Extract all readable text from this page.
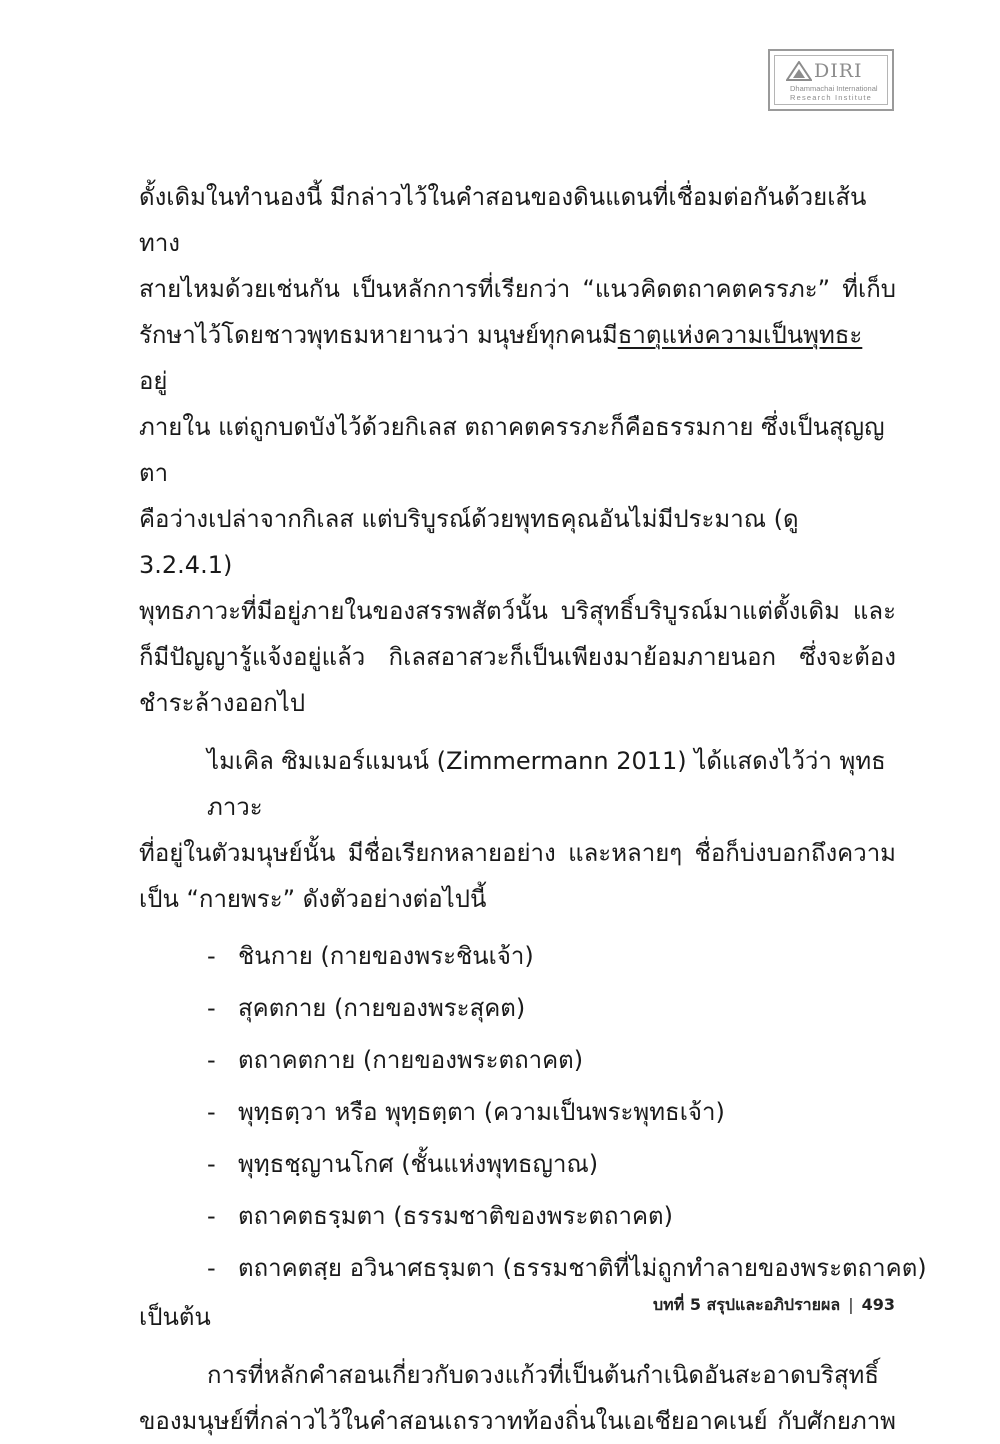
DIRI
Dhammachai International
Research Institute

ดั้งเดิมในทำนองนี้ มีกล่าวไว้ในคำสอนของดินแดนที่เชื่อมต่อกันด้วยเส้นทาง
สายไหมด้วยเช่นกัน เป็นหลักการที่เรียกว่า “แนวคิดตถาคตครรภะ” ที่เก็บ
รักษาไว้โดยชาวพุทธมหายานว่า มนุษย์ทุกคนมีธาตุแห่งความเป็นพุทธะ อยู่
ภายใน แต่ถูกบดบังไว้ด้วยกิเลส ตถาคตครรภะก็คือธรรมกาย ซึ่งเป็นสุญญตา
คือว่างเปล่าจากกิเลส แต่บริบูรณ์ด้วยพุทธคุณอันไม่มีประมาณ (ดู 3.2.4.1)
พุทธภาวะที่มีอยู่ภายในของสรรพสัตว์นั้น บริสุทธิ์บริบูรณ์มาแต่ดั้งเดิม และ
ก็มีปัญญารู้แจ้งอยู่แล้ว กิเลสอาสวะก็เป็นเพียงมาย้อมภายนอก ซึ่งจะต้อง
ชำระล้างออกไป

ไมเคิล ซิมเมอร์แมนน์ (Zimmermann 2011) ได้แสดงไว้ว่า พุทธภาวะ
ที่อยู่ในตัวมนุษย์นั้น มีชื่อเรียกหลายอย่าง และหลายๆ ชื่อก็บ่งบอกถึงความ
เป็น “กายพระ” ดังตัวอย่างต่อไปนี้

- ชินกาย (กายของพระชินเจ้า)

- สุคตกาย (กายของพระสุคต)

- ตถาคตกาย (กายของพระตถาคต)

- พุทฺธตฺวา หรือ พุทฺธตฺตา (ความเป็นพระพุทธเจ้า)

- พุทฺธชฺญานโกศ (ชั้นแห่งพุทธญาณ)

- ตถาคตธรฺมตา (ธรรมชาติของพระตถาคต)

- ตถาคตสฺย อวินาศธรฺมตา (ธรรมชาติที่ไม่ถูกทำลายของพระตถาคต)

เป็นต้น

การที่หลักคำสอนเกี่ยวกับดวงแก้วที่เป็นต้นกำเนิดอันสะอาดบริสุทธิ์
ของมนุษย์ที่กล่าวไว้ในคำสอนเถรวาทท้องถิ่นในเอเชียอาคเนย์ กับศักยภาพ

บทที่ 5 สรุปและอภิปรายผล | 493
